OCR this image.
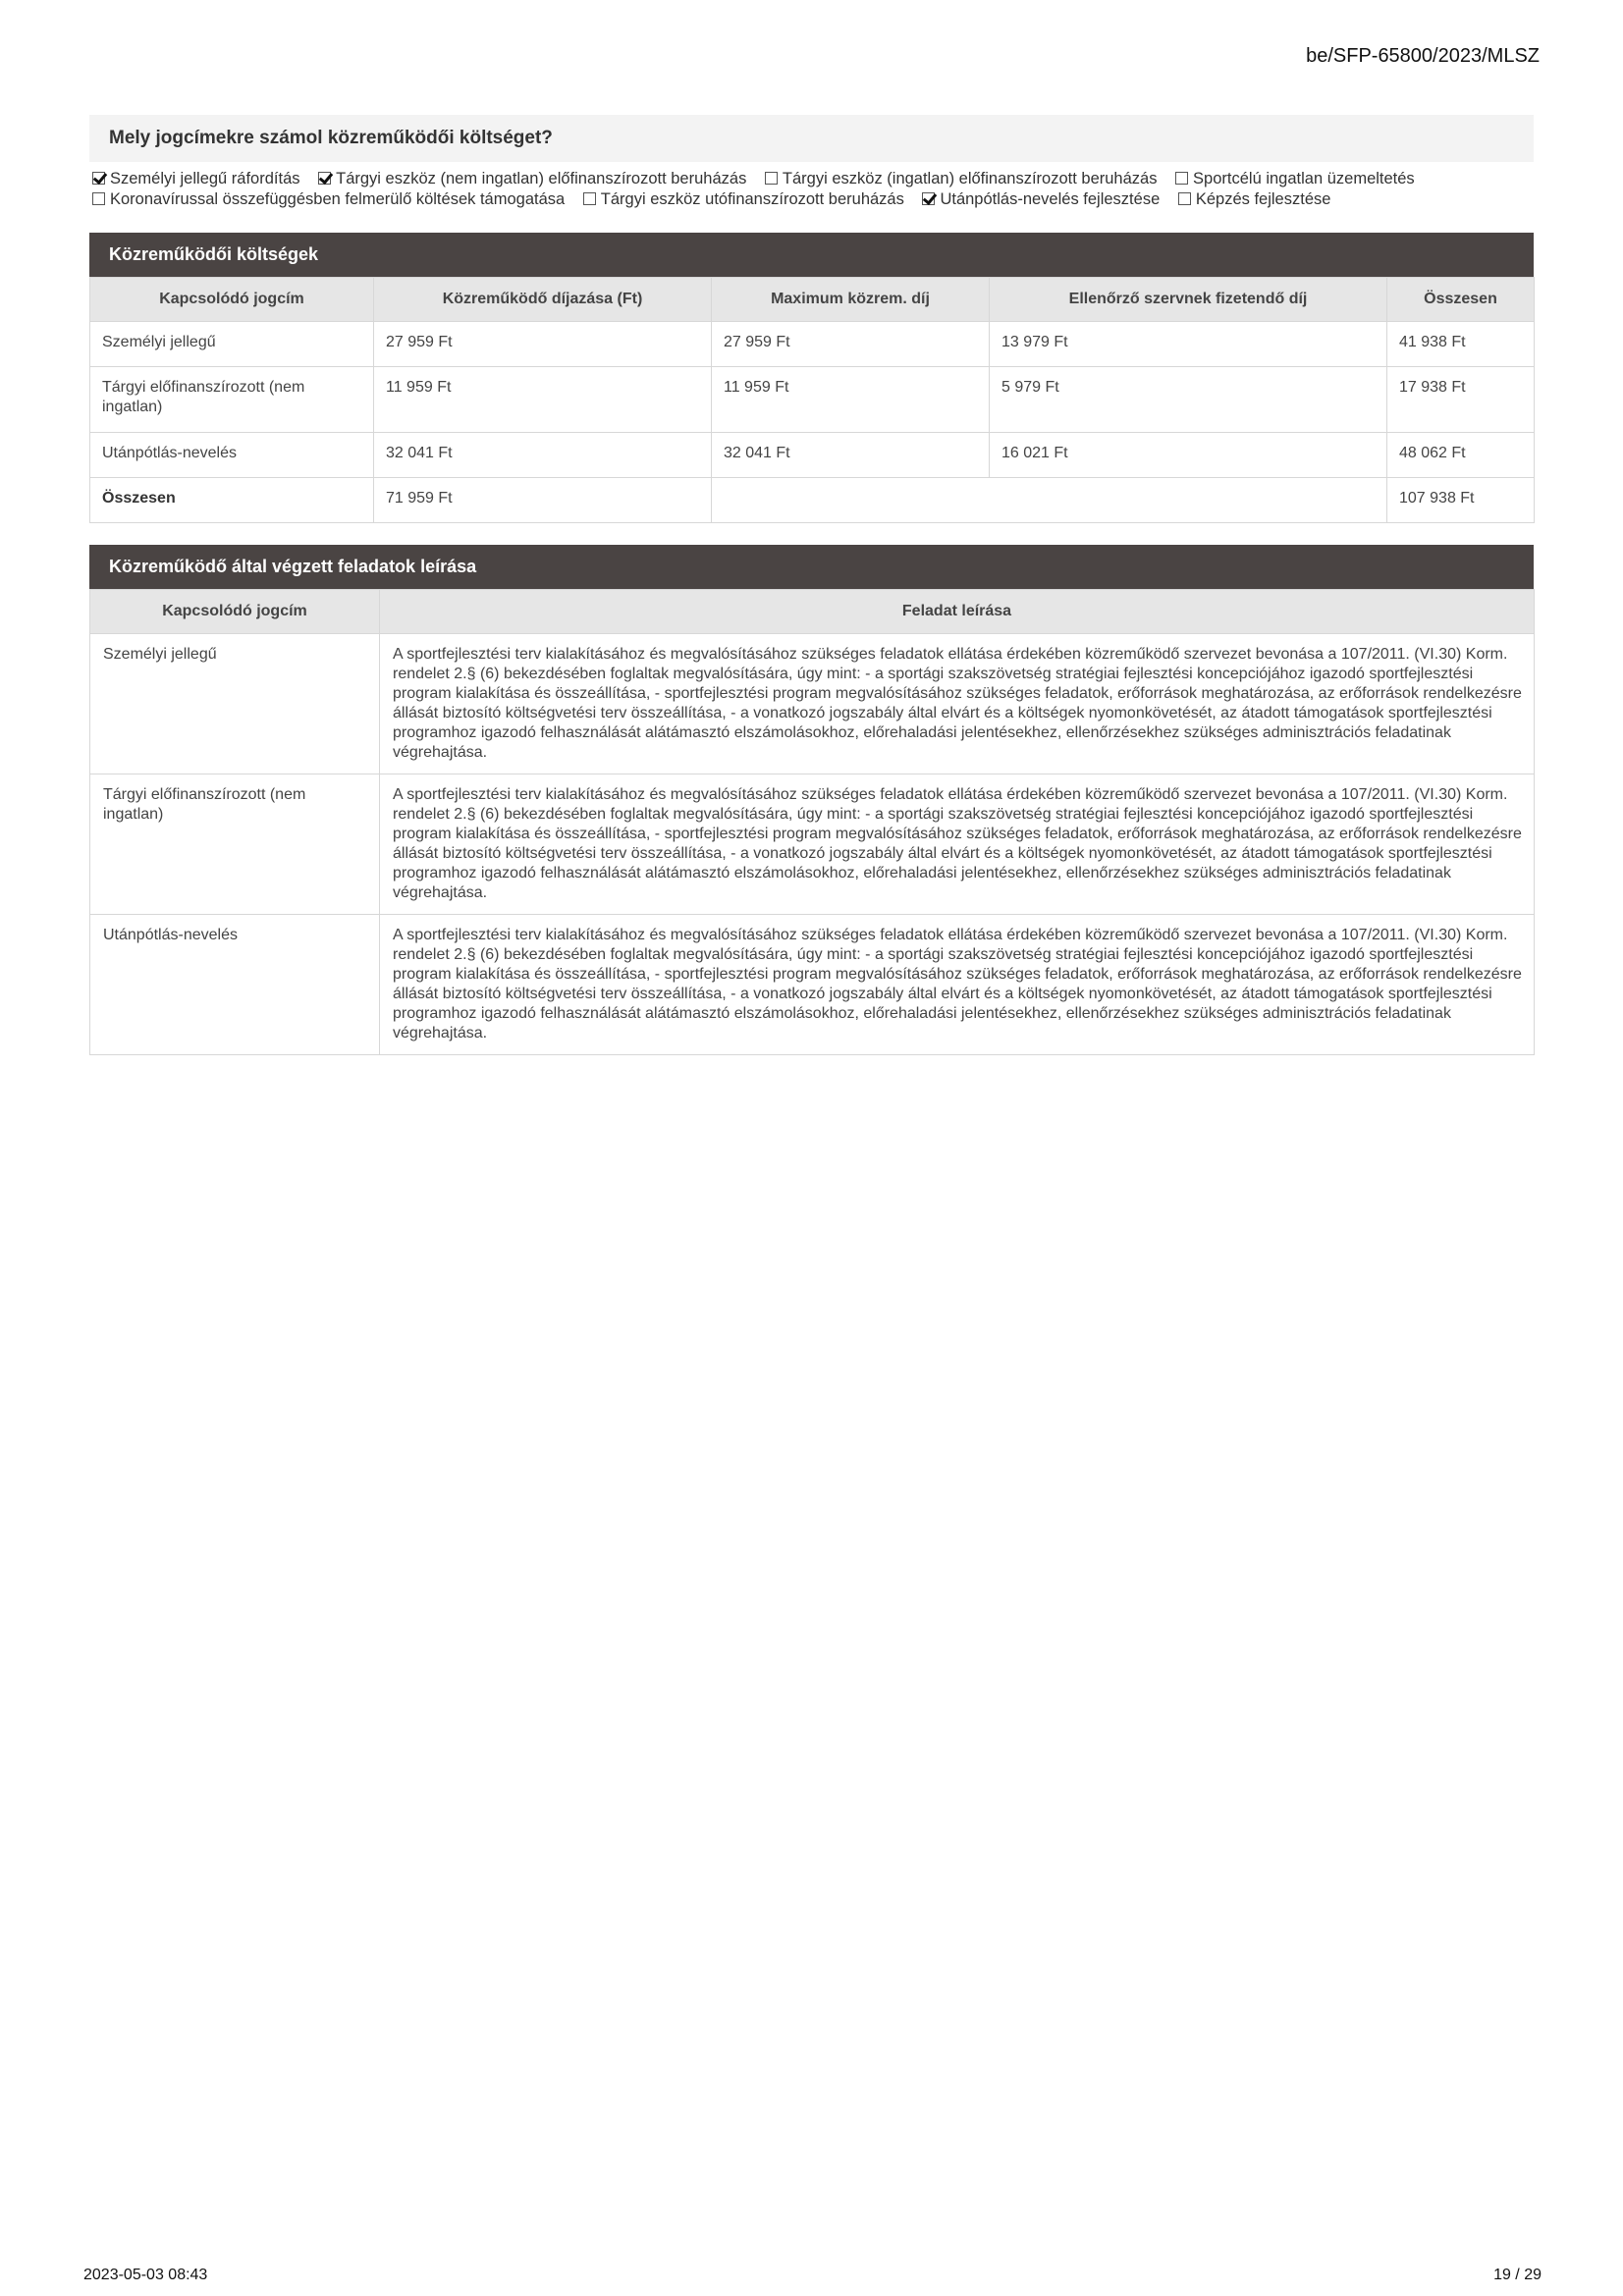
be/SFP-65800/2023/MLSZ
Mely jogcímekre számol közreműködői költséget?
Személyi jellegű ráfordítás Tárgyi eszköz (nem ingatlan) előfinanszírozott beruházás Tárgyi eszköz (ingatlan) előfinanszírozott beruházás Sportcélú ingatlan üzemeltetés
Koronavírussal összefüggésben felmerülő költések támogatása Tárgyi eszköz utófinanszírozott beruházás Utánpótlás-nevelés fejlesztése Képzés fejlesztése
Közreműködői költségek
Kapcsolódó jogcím	Közreműködő díjazása (Ft)	Maximum közrem. díj	Ellenőrző szervnek fizetendő díj	Összesen
Személyi jellegű	27 959 Ft	27 959 Ft	13 979 Ft	41 938 Ft
Tárgyi előfinanszírozott (nem ingatlan)	11 959 Ft	11 959 Ft	5 979 Ft	17 938 Ft
Utánpótlás-nevelés	32 041 Ft	32 041 Ft	16 021 Ft	48 062 Ft
Összesen	71 959 Ft			107 938 Ft
Közreműködő által végzett feladatok leírása
Kapcsolódó jogcím	Feladat leírása
Személyi jellegű	A sportfejlesztési terv kialakításához és megvalósításához szükséges feladatok ellátása érdekében közreműködő szervezet bevonása a 107/2011. (VI.30) Korm. rendelet 2.§ (6) bekezdésében foglaltak megvalósítására, úgy mint: - a sportági szakszövetség stratégiai fejlesztési koncepciójához igazodó sportfejlesztési program kialakítása és összeállítása, - sportfejlesztési program megvalósításához szükséges feladatok, erőforrások meghatározása, az erőforrások rendelkezésre állását biztosító költségvetési terv összeállítása, - a vonatkozó jogszabály által elvárt és a költségek nyomonkövetését, az átadott támogatások sportfejlesztési programhoz igazodó felhasználását alátámasztó elszámolásokhoz, előrehaladási jelentésekhez, ellenőrzésekhez szükséges adminisztrációs feladatinak végrehajtása.
Tárgyi előfinanszírozott (nem ingatlan)	A sportfejlesztési terv kialakításához és megvalósításához szükséges feladatok ellátása érdekében közreműködő szervezet bevonása a 107/2011. (VI.30) Korm. rendelet 2.§ (6) bekezdésében foglaltak megvalósítására, úgy mint: - a sportági szakszövetség stratégiai fejlesztési koncepciójához igazodó sportfejlesztési program kialakítása és összeállítása, - sportfejlesztési program megvalósításához szükséges feladatok, erőforrások meghatározása, az erőforrások rendelkezésre állását biztosító költségvetési terv összeállítása, - a vonatkozó jogszabály által elvárt és a költségek nyomonkövetését, az átadott támogatások sportfejlesztési programhoz igazodó felhasználását alátámasztó elszámolásokhoz, előrehaladási jelentésekhez, ellenőrzésekhez szükséges adminisztrációs feladatinak végrehajtása.
Utánpótlás-nevelés	A sportfejlesztési terv kialakításához és megvalósításához szükséges feladatok ellátása érdekében közreműködő szervezet bevonása a 107/2011. (VI.30) Korm. rendelet 2.§ (6) bekezdésében foglaltak megvalósítására, úgy mint: - a sportági szakszövetség stratégiai fejlesztési koncepciójához igazodó sportfejlesztési program kialakítása és összeállítása, - sportfejlesztési program megvalósításához szükséges feladatok, erőforrások meghatározása, az erőforrások rendelkezésre állását biztosító költségvetési terv összeállítása, - a vonatkozó jogszabály által elvárt és a költségek nyomonkövetését, az átadott támogatások sportfejlesztési programhoz igazodó felhasználását alátámasztó elszámolásokhoz, előrehaladási jelentésekhez, ellenőrzésekhez szükséges adminisztrációs feladatinak végrehajtása.
2023-05-03 08:43	19 / 29
